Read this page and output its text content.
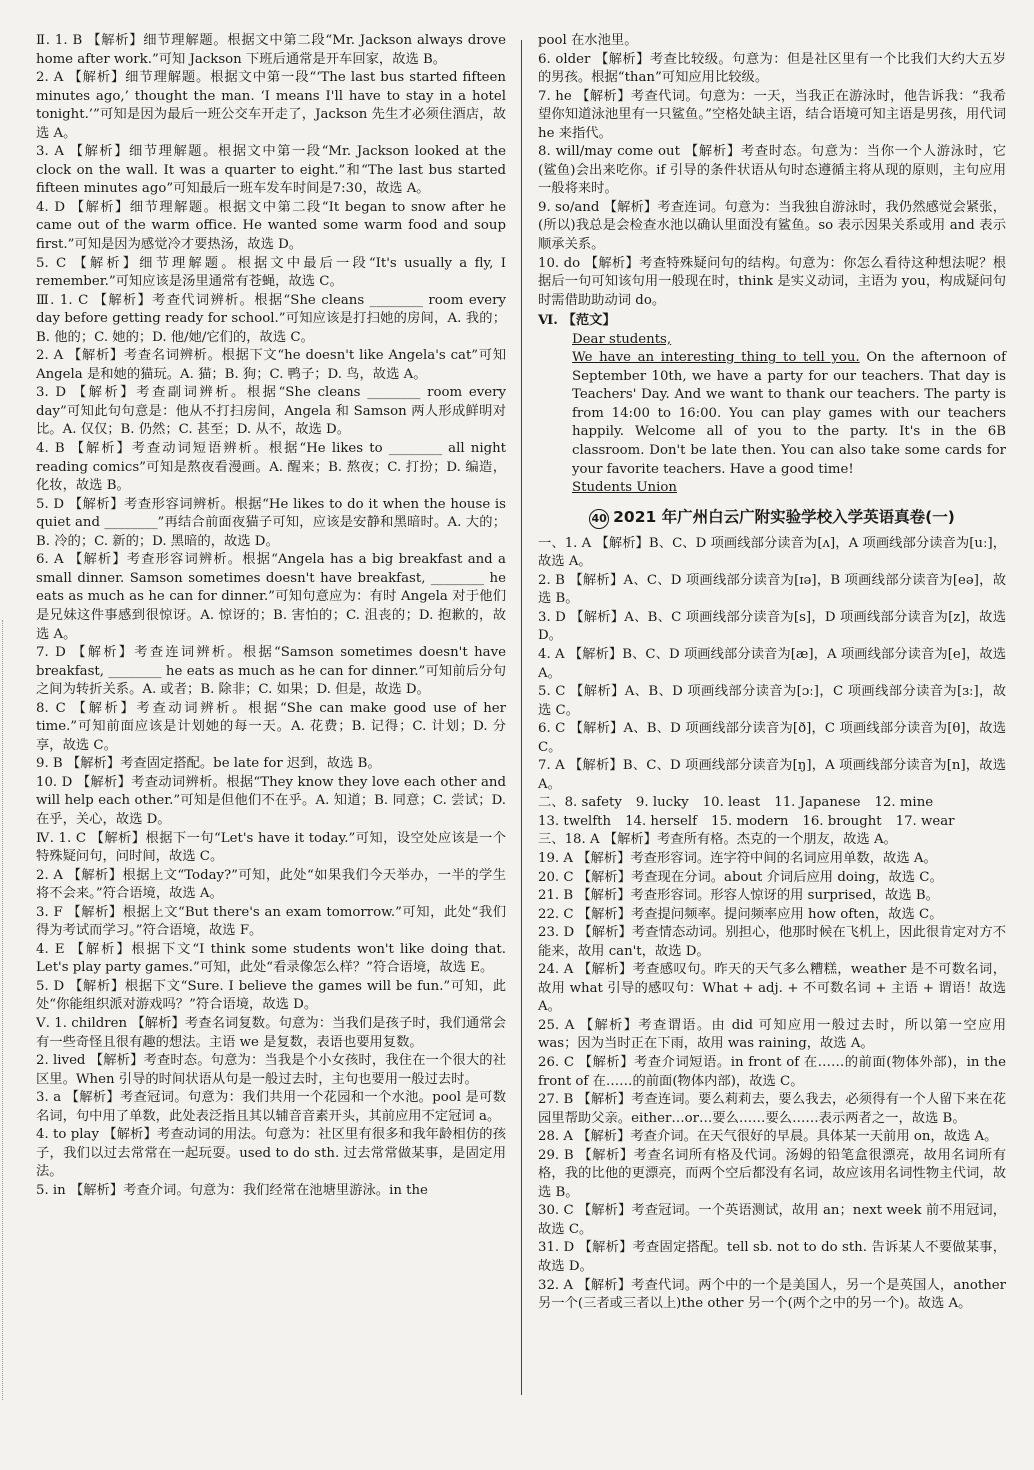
Ⅱ. 1. B 【解析】细节理解题。根据文中第二段“Mr. Jackson always drove home after work.”可知 Jackson 下班后通常是开车回家，故选 B。
2. A 【解析】细节理解题。根据文中第一段“‘The last bus started fifteen minutes ago,’ thought the man. ‘I means I'll have to stay in a hotel tonight.’”可知是因为最后一班公交车开走了，Jackson 先生才必须住酒店，故选 A。
3. A 【解析】细节理解题。根据文中第一段“Mr. Jackson looked at the clock on the wall. It was a quarter to eight.”和“The last bus started fifteen minutes ago”可知最后一班车发车时间是7:30，故选 A。
4. D 【解析】细节理解题。根据文中第二段“It began to snow after he came out of the warm office. He wanted some warm food and soup first.”可知是因为感觉冷才要热汤，故选 D。
5. C 【解析】细节理解题。根据文中最后一段“It's usually a fly, I remember.”可知应该是汤里通常有苍蝇，故选 C。
Ⅲ. 1. C 【解析】考查代词辨析。根据“She cleans ________ room every day before getting ready for school.”可知应该是打扫她的房间，A. 我的；B. 他的；C. 她的；D. 他/她/它们的，故选 C。
2. A 【解析】考查名词辨析。根据下文“he doesn't like Angela's cat”可知 Angela 是和她的猫玩。A. 猫；B. 狗；C. 鸭子；D. 鸟，故选 A。
3. D 【解析】考查副词辨析。根据“She cleans ________ room every day”可知此句句意是：他从不打扫房间，Angela 和 Samson 两人形成鲜明对比。A. 仅仅；B. 仍然；C. 甚至；D. 从不，故选 D。
4. B 【解析】考查动词短语辨析。根据“He likes to ________ all night reading comics”可知是熬夜看漫画。A. 醒来；B. 熬夜；C. 打扮；D. 编造，化妆，故选 B。
5. D 【解析】考查形容词辨析。根据“He likes to do it when the house is quiet and ________”再结合前面夜猫子可知，应该是安静和黑暗时。A. 大的；B. 冷的；C. 新的；D. 黑暗的，故选 D。
6. A 【解析】考查形容词辨析。根据“Angela has a big breakfast and a small dinner. Samson sometimes doesn't have breakfast, ________ he eats as much as he can for dinner.”可知句意应为：有时 Angela 对于他们是兄妹这件事感到很惊讶。A. 惊讶的；B. 害怕的；C. 沮丧的；D. 抱歉的，故选 A。
7. D 【解析】考查连词辨析。根据“Samson sometimes doesn't have breakfast, ________ he eats as much as he can for dinner.”可知前后分句之间为转折关系。A. 或者；B. 除非；C. 如果；D. 但是，故选 D。
8. C 【解析】考查动词辨析。根据“She can make good use of her time.”可知前面应该是计划她的每一天。A. 花费；B. 记得；C. 计划；D. 分享，故选 C。
9. B 【解析】考查固定搭配。be late for 迟到，故选 B。
10. D 【解析】考查动词辨析。根据“They know they love each other and will help each other.”可知是但他们不在乎。A. 知道；B. 同意；C. 尝试；D. 在乎，关心，故选 D。
Ⅳ. 1. C 【解析】根据下一句“Let's have it today.”可知，设空处应该是一个特殊疑问句，问时间，故选 C。
2. A 【解析】根据上文“Today?”可知，此处“如果我们今天举办，一半的学生将不会来。”符合语境，故选 A。
3. F 【解析】根据上文“But there's an exam tomorrow.”可知，此处“我们得为考试而学习。”符合语境，故选 F。
4. E 【解析】根据下文“I think some students won't like doing that. Let's play party games.”可知，此处“看录像怎么样？”符合语境，故选 E。
5. D 【解析】根据下文“Sure. I believe the games will be fun.”可知，此处“你能组织派对游戏吗？”符合语境，故选 D。
Ⅴ. 1. children 【解析】考查名词复数。句意为：当我们是孩子时，我们通常会有一些奇怪且很有趣的想法。主语 we 是复数，表语也要用复数。
2. lived 【解析】考查时态。句意为：当我是个小女孩时，我住在一个很大的社区里。When 引导的时间状语从句是一般过去时，主句也要用一般过去时。
3. a 【解析】考查冠词。句意为：我们共用一个花园和一个水池。pool 是可数名词，句中用了单数，此处表泛指且其以辅音音素开头，其前应用不定冠词 a。
4. to play 【解析】考查动词的用法。句意为：社区里有很多和我年龄相仿的孩子，我们以过去常常在一起玩耍。used to do sth. 过去常常做某事，是固定用法。
5. in 【解析】考查介词。句意为：我们经常在池塘里游泳。in the
pool 在水池里。
6. older 【解析】考查比较级。句意为：但是社区里有一个比我们大约大五岁的男孩。根据“than”可知应用比较级。
7. he 【解析】考查代词。句意为：一天，当我正在游泳时，他告诉我：“我希望你知道泳池里有一只鲨鱼。”空格处缺主语，结合语境可知主语是男孩，用代词 he 来指代。
8. will/may come out 【解析】考查时态。句意为：当你一个人游泳时，它(鲨鱼)会出来吃你。if 引导的条件状语从句时态遵循主将从现的原则，主句应用一般将来时。
9. so/and 【解析】考查连词。句意为：当我独自游泳时，我仍然感觉会紧张，(所以)我总是会检查水池以确认里面没有鲨鱼。so 表示因果关系或用 and 表示顺承关系。
10. do 【解析】考查特殊疑问句的结构。句意为：你怎么看待这种想法呢？根据后一句可知该句用一般现在时，think 是实义动词，主语为 you，构成疑问句时需借助助动词 do。
Ⅵ. 【范文】
Dear students,
We have an interesting thing to tell you. On the afternoon of September 10th, we have a party for our teachers. That day is Teachers' Day. And we want to thank our teachers. The party is from 14:00 to 16:00. You can play games with our teachers happily. Welcome all of you to the party. It's in the 6B classroom. Don't be late then. You can also take some cards for your favorite teachers. Have a good time!
Students Union
40 2021 年广州白云广附实验学校入学英语真卷(一)
一、1. A 【解析】B、C、D 项画线部分读音为[ʌ]，A 项画线部分读音为[uː]，故选 A。
2. B 【解析】A、C、D 项画线部分读音为[ɪə]，B 项画线部分读音为[eə]，故选 B。
3. D 【解析】A、B、C 项画线部分读音为[s]，D 项画线部分读音为[z]，故选 D。
4. A 【解析】B、C、D 项画线部分读音为[æ]，A 项画线部分读音为[e]，故选 A。
5. C 【解析】A、B、D 项画线部分读音为[ɔː]，C 项画线部分读音为[ɜː]，故选 C。
6. C 【解析】A、B、D 项画线部分读音为[ð]，C 项画线部分读音为[θ]，故选 C。
7. A 【解析】B、C、D 项画线部分读音为[ŋ]，A 项画线部分读音为[n]，故选 A。
二、8. safety 9. lucky 10. least 11. Japanese 12. mine
13. twelfth 14. herself 15. modern 16. brought 17. wear
三、18. A 【解析】考查所有格。杰克的一个朋友，故选 A。
19. A 【解析】考查形容词。连字符中间的名词应用单数，故选 A。
20. C 【解析】考查现在分词。about 介词后应用 doing，故选 C。
21. B 【解析】考查形容词。形容人惊讶的用 surprised，故选 B。
22. C 【解析】考查提问频率。提问频率应用 how often，故选 C。
23. D 【解析】考查情态动词。别担心，他那时候在飞机上，因此很肯定对方不能来，故用 can't，故选 D。
24. A 【解析】考查感叹句。昨天的天气多么糟糕，weather 是不可数名词，故用 what 引导的感叹句：What + adj. + 不可数名词 + 主语 + 谓语！故选 A。
25. A 【解析】考查谓语。由 did 可知应用一般过去时，所以第一空应用 was；因为当时正在下雨，故用 was raining，故选 A。
26. C 【解析】考查介词短语。in front of 在……的前面(物体外部)，in the front of 在……的前面(物体内部)，故选 C。
27. B 【解析】考查连词。要么莉莉去，要么我去，必须得有一个人留下来在花园里帮助父亲。either…or…要么……要么……表示两者之一，故选 B。
28. A 【解析】考查介词。在天气很好的早晨。具体某一天前用 on，故选 A。
29. B 【解析】考查名词所有格及代词。汤姆的铅笔盒很漂亮，故用名词所有格，我的比他的更漂亮，而两个空后都没有名词，故应该用名词性物主代词，故选 B。
30. C 【解析】考查冠词。一个英语测试，故用 an；next week 前不用冠词，故选 C。
31. D 【解析】考查固定搭配。tell sb. not to do sth. 告诉某人不要做某事，故选 D。
32. A 【解析】考查代词。两个中的一个是美国人，另一个是英国人，another 另一个(三者或三者以上)the other 另一个(两个之中的另一个)。故选 A。
